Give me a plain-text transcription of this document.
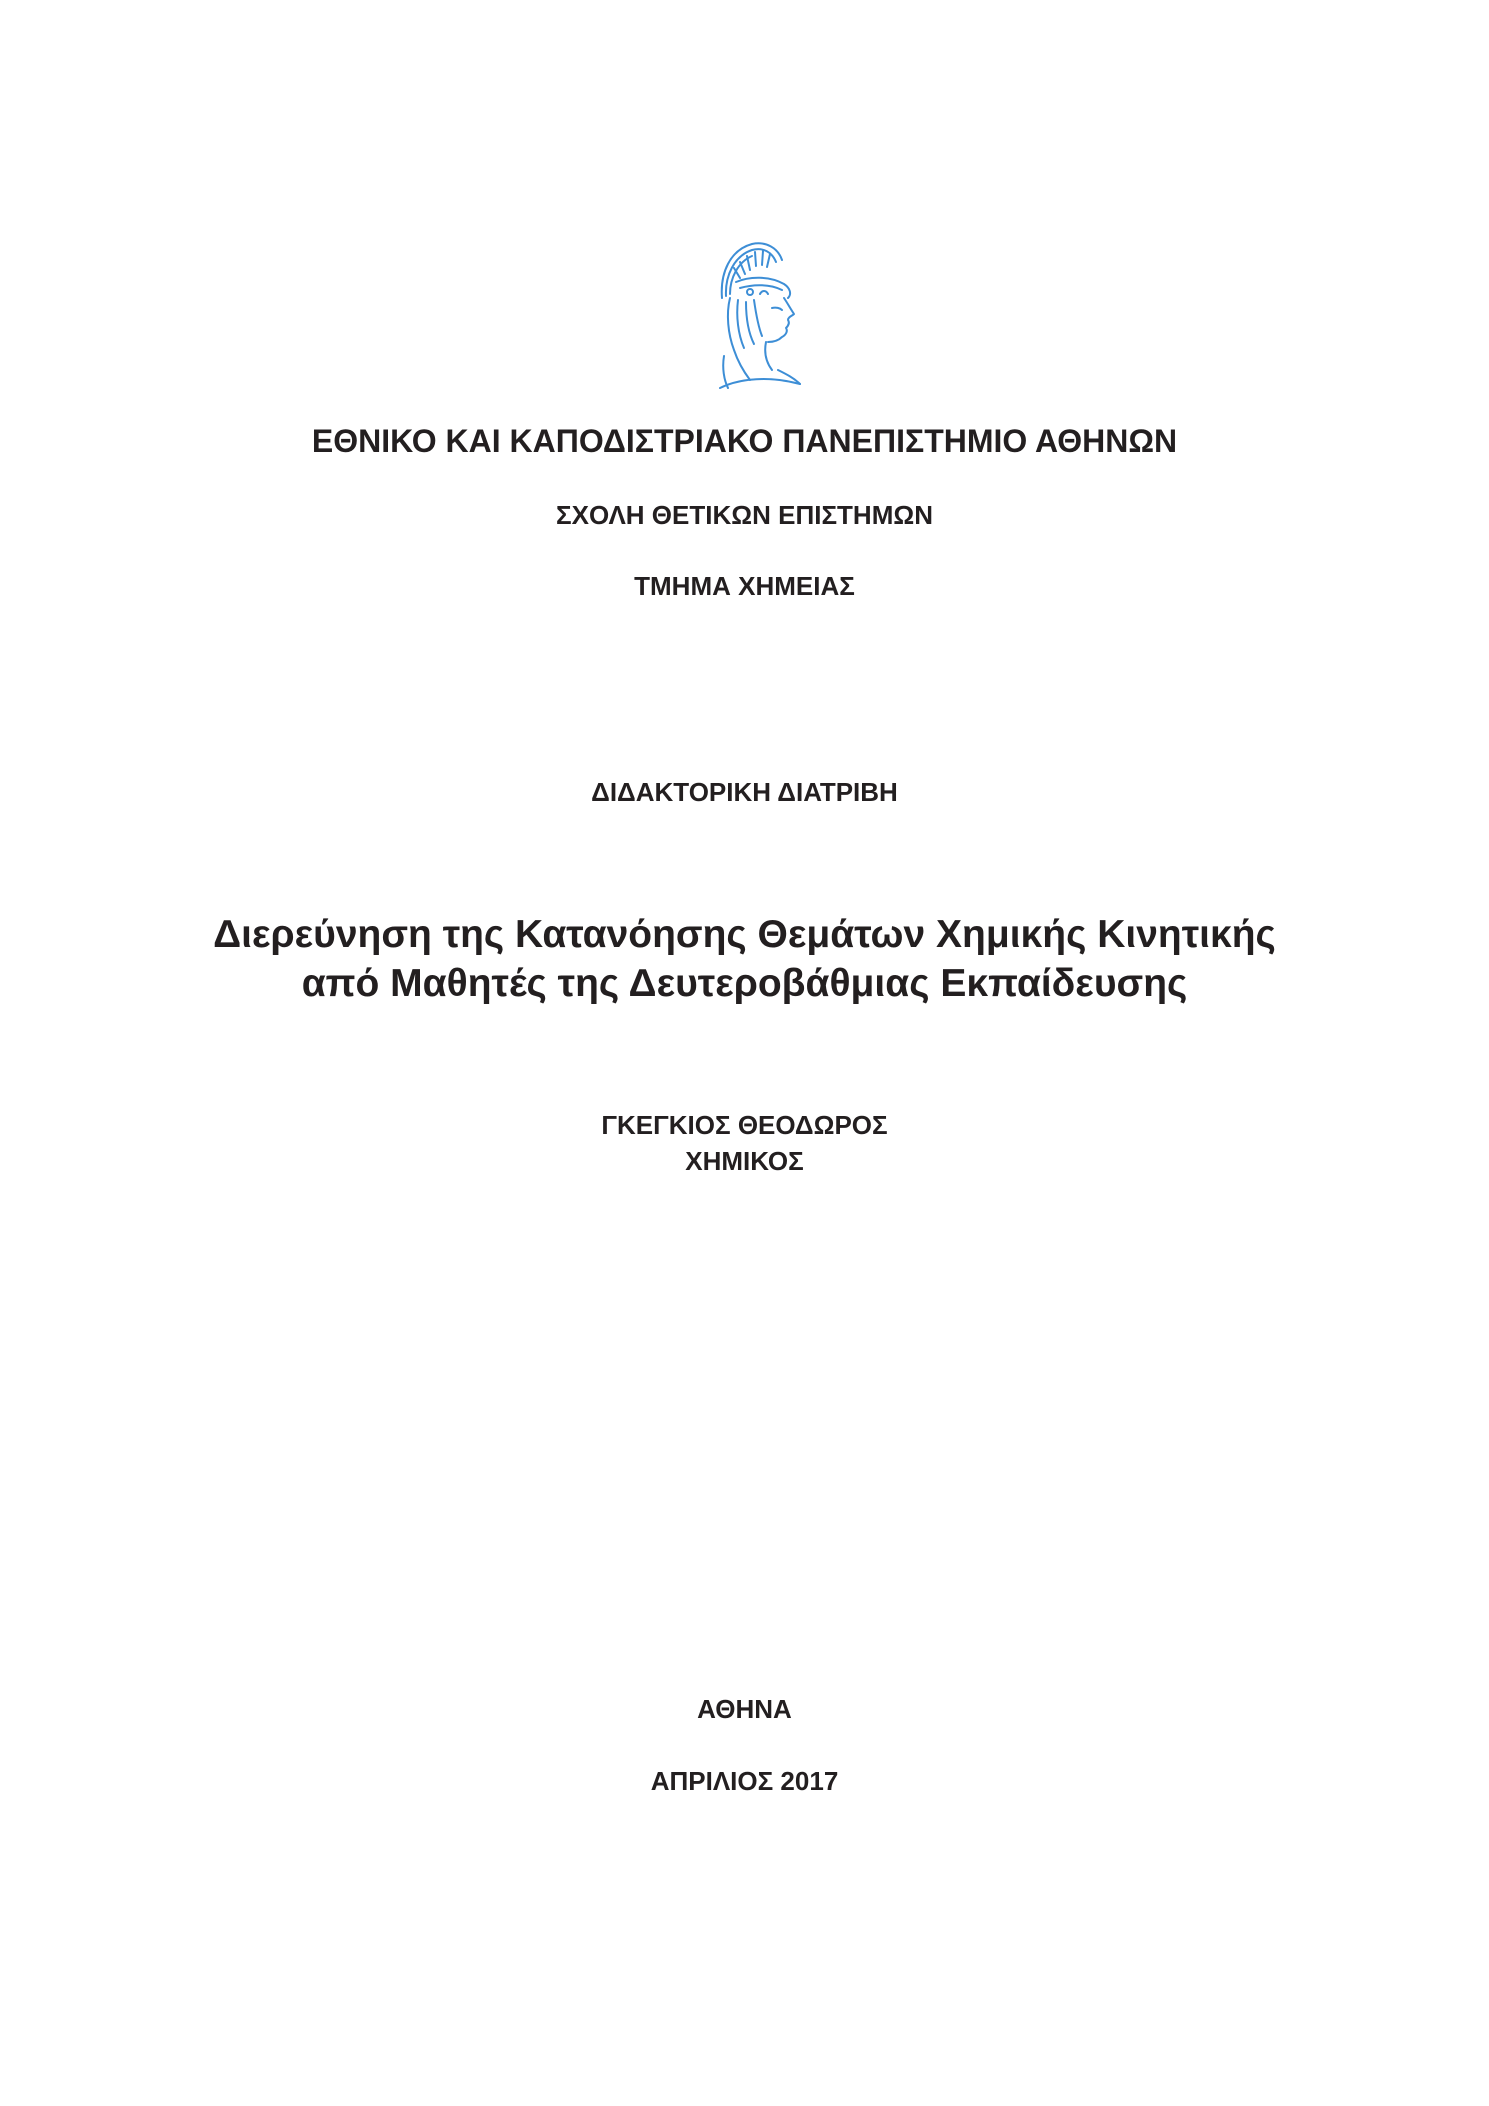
ΕΘΝΙΚΟ ΚΑΙ ΚΑΠΟΔΙΣΤΡΙΑΚΟ ΠΑΝΕΠΙΣΤΗΜΙΟ ΑΘΗΝΩΝ
ΣΧΟΛΗ ΘΕΤΙΚΩΝ ΕΠΙΣΤΗΜΩΝ
ΤΜΗΜΑ ΧΗΜΕΙΑΣ
ΔΙΔΑΚΤΟΡΙΚΗ ΔΙΑΤΡΙΒΗ
Διερεύνηση της Κατανόησης Θεμάτων Χημικής Κινητικής
από Μαθητές της Δευτεροβάθμιας Εκπαίδευσης
ΓΚΕΓΚΙΟΣ ΘΕΟΔΩΡΟΣ
ΧΗΜΙΚΟΣ
ΑΘΗΝΑ
ΑΠΡΙΛΙΟΣ 2017
